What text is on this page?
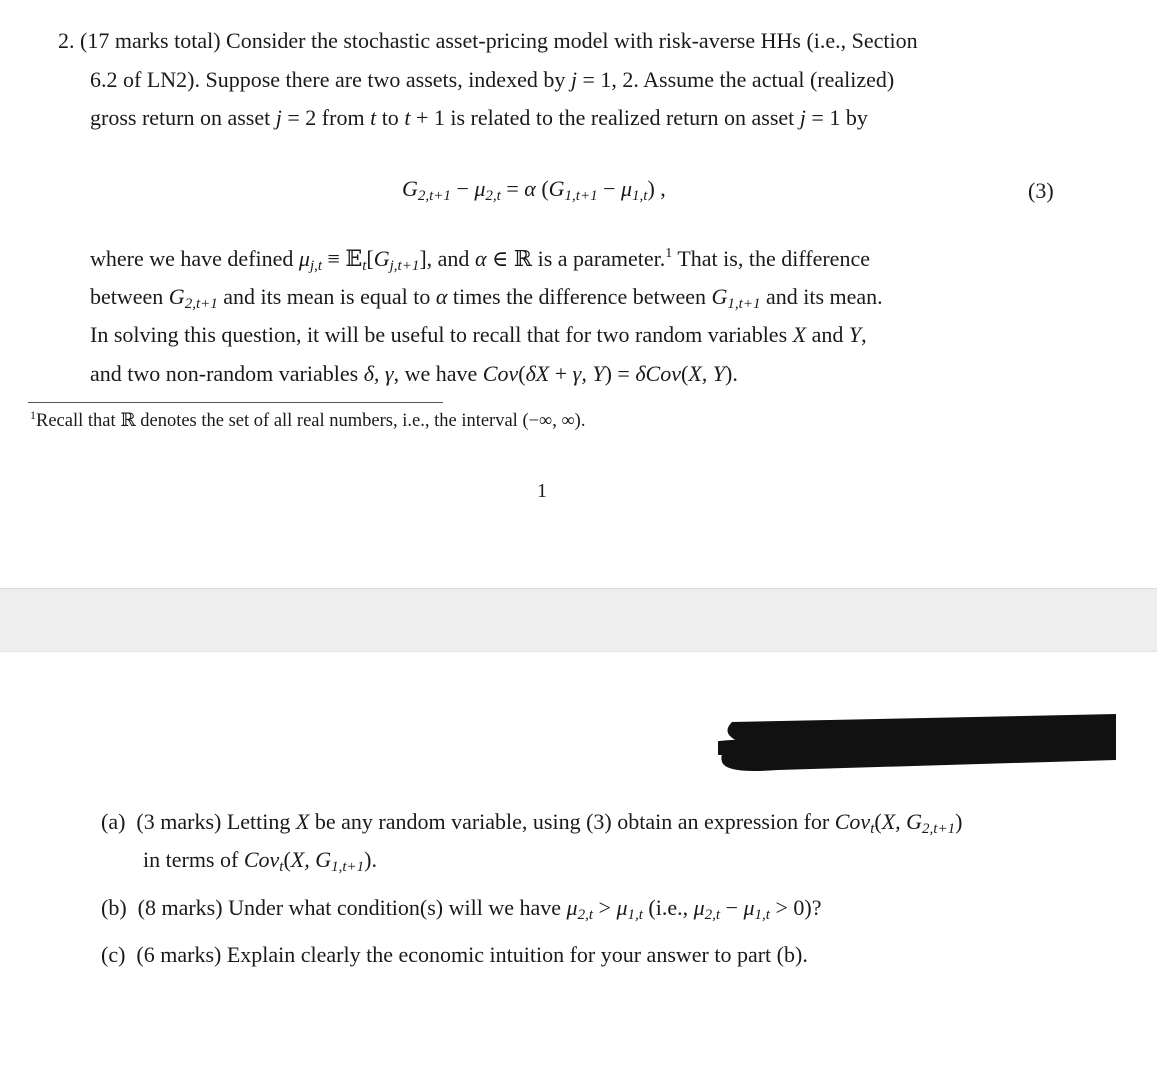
2. (17 marks total) Consider the stochastic asset-pricing model with risk-averse HHs (i.e., Section
6.2 of LN2). Suppose there are two assets, indexed by j = 1, 2. Assume the actual (realized)
gross return on asset j = 2 from t to t + 1 is related to the realized return on asset j = 1 by
$G_{2,t+1} - \mu_{2,t} = \alpha$ $(G_{1,t+1} - \mu_{1,t})$ ,	(3)
where we have defined $\mu_{j,t}$ ≡ $𝔼_t[G_{j,t+1}]$, and α ∈ ℝ is a parameter.$^1$ That is, the difference
between $G_{2,t+1}$ and its mean is equal to α times the difference between $G_{1,t+1}$ and its mean.
In solving this question, it will be useful to recall that for two random variables X and Y,
and two non-random variables δ, γ, we have Cov(δX + γ, Y) = δCov(X, Y).
$^1$Recall that ℝ denotes the set of all real numbers, i.e., the interval (−∞, ∞).
1
(a) (3 marks) Letting X be any random variable, using (3) obtain an expression for Cov$_t$(X, $G_{2,t+1}$)
in terms of Cov$_t$(X, $G_{1,t+1}$).
(b) (8 marks) Under what condition(s) will we have $\mu_{2,t} > \mu_{1,t}$ (i.e., $\mu_{2,t} - \mu_{1,t} > 0$)?
(c) (6 marks) Explain clearly the economic intuition for your answer to part (b).
